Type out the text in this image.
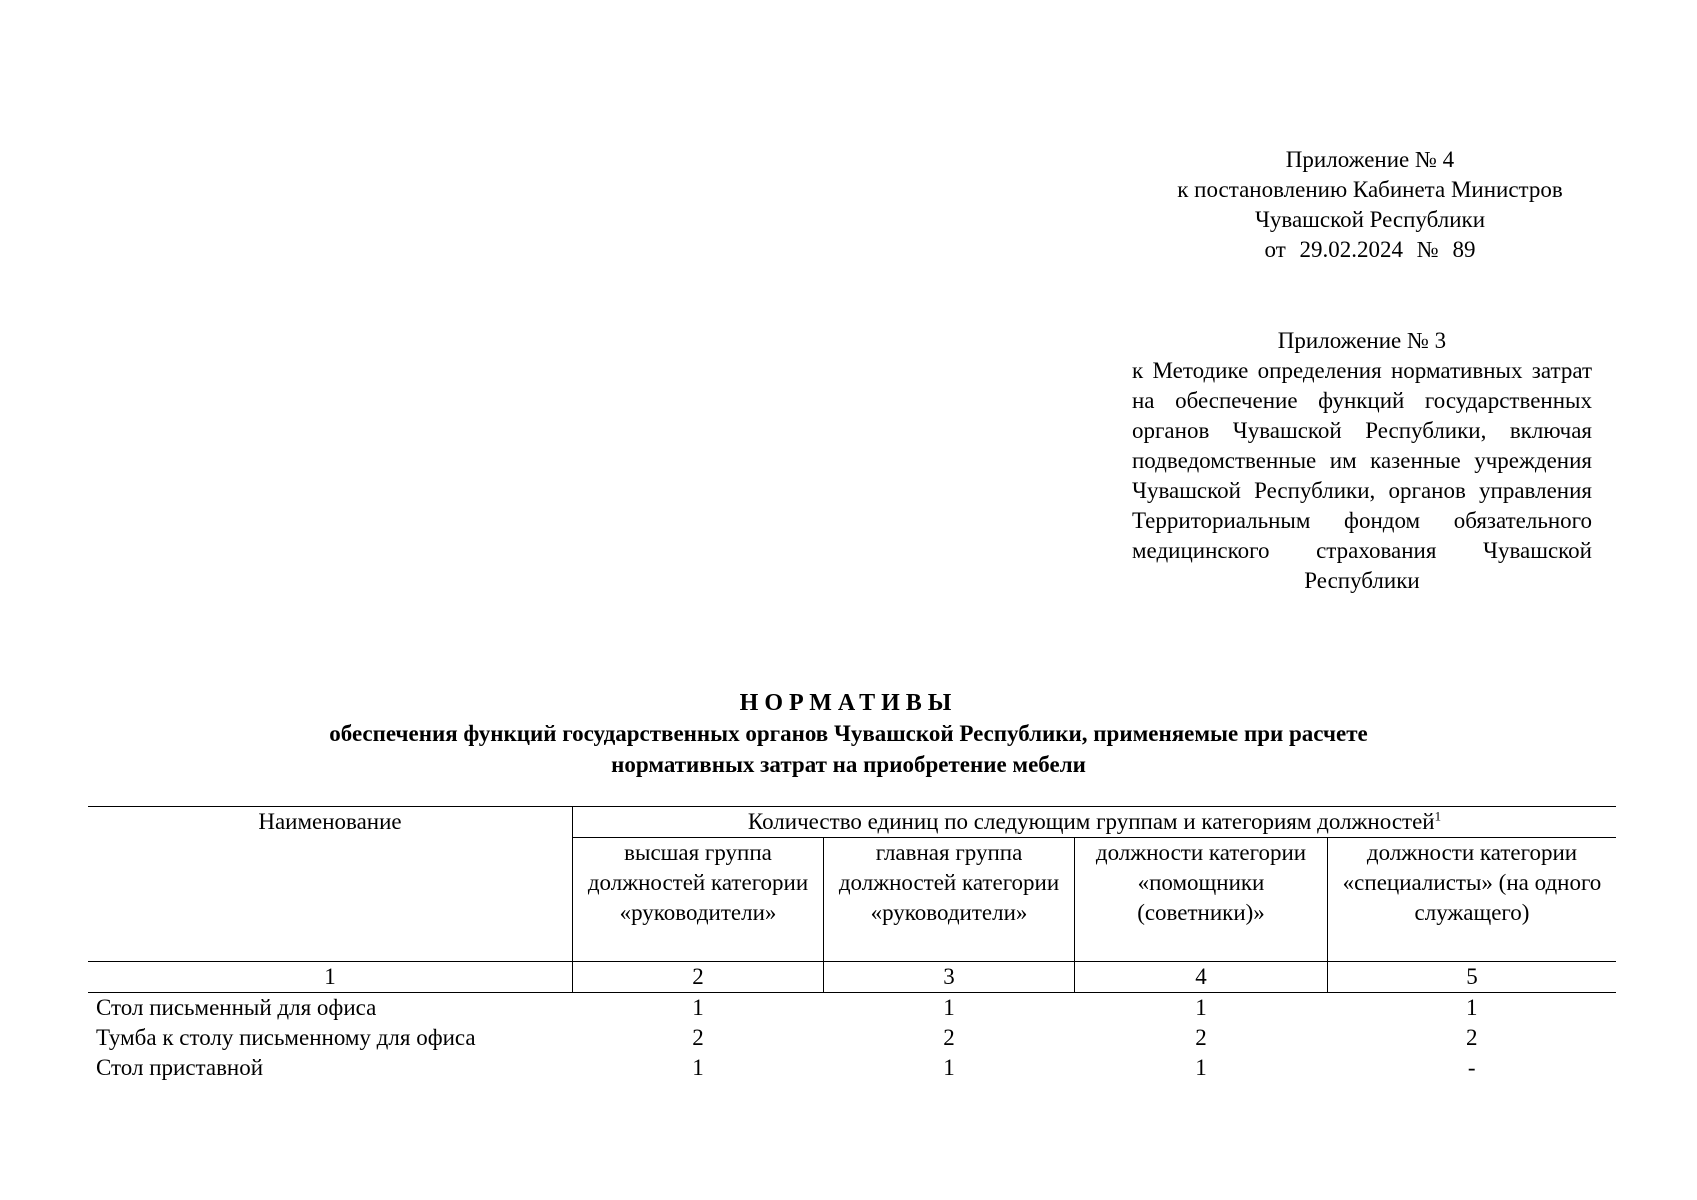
Приложение № 4
к постановлению Кабинета Министров
Чувашской Республики
от 29.02.2024 № 89
Приложение № 3
к Методике определения нормативных затрат на обеспечение функций государственных органов Чувашской Республики, включая подведомственные им казенные учреждения Чувашской Республики, органов управления Территориальным фондом обязательного медицинского страхования Чувашской
Республики
НОРМАТИВЫ
обеспечения функций государственных органов Чувашской Республики, применяемые при расчете
нормативных затрат на приобретение мебели
Наименование	Количество единиц по следующим группам и категориям должностей$^1$
	высшая группа должностей категории «руководители»	главная группа должностей категории «руководители»	должности категории «помощники (советники)»	должности категории «специалисты» (на одного служащего)
1	2	3	4	5
Стол письменный для офиса	1	1	1	1
Тумба к столу письменному для офиса	2	2	2	2
Стол приставной	1	1	1	-
